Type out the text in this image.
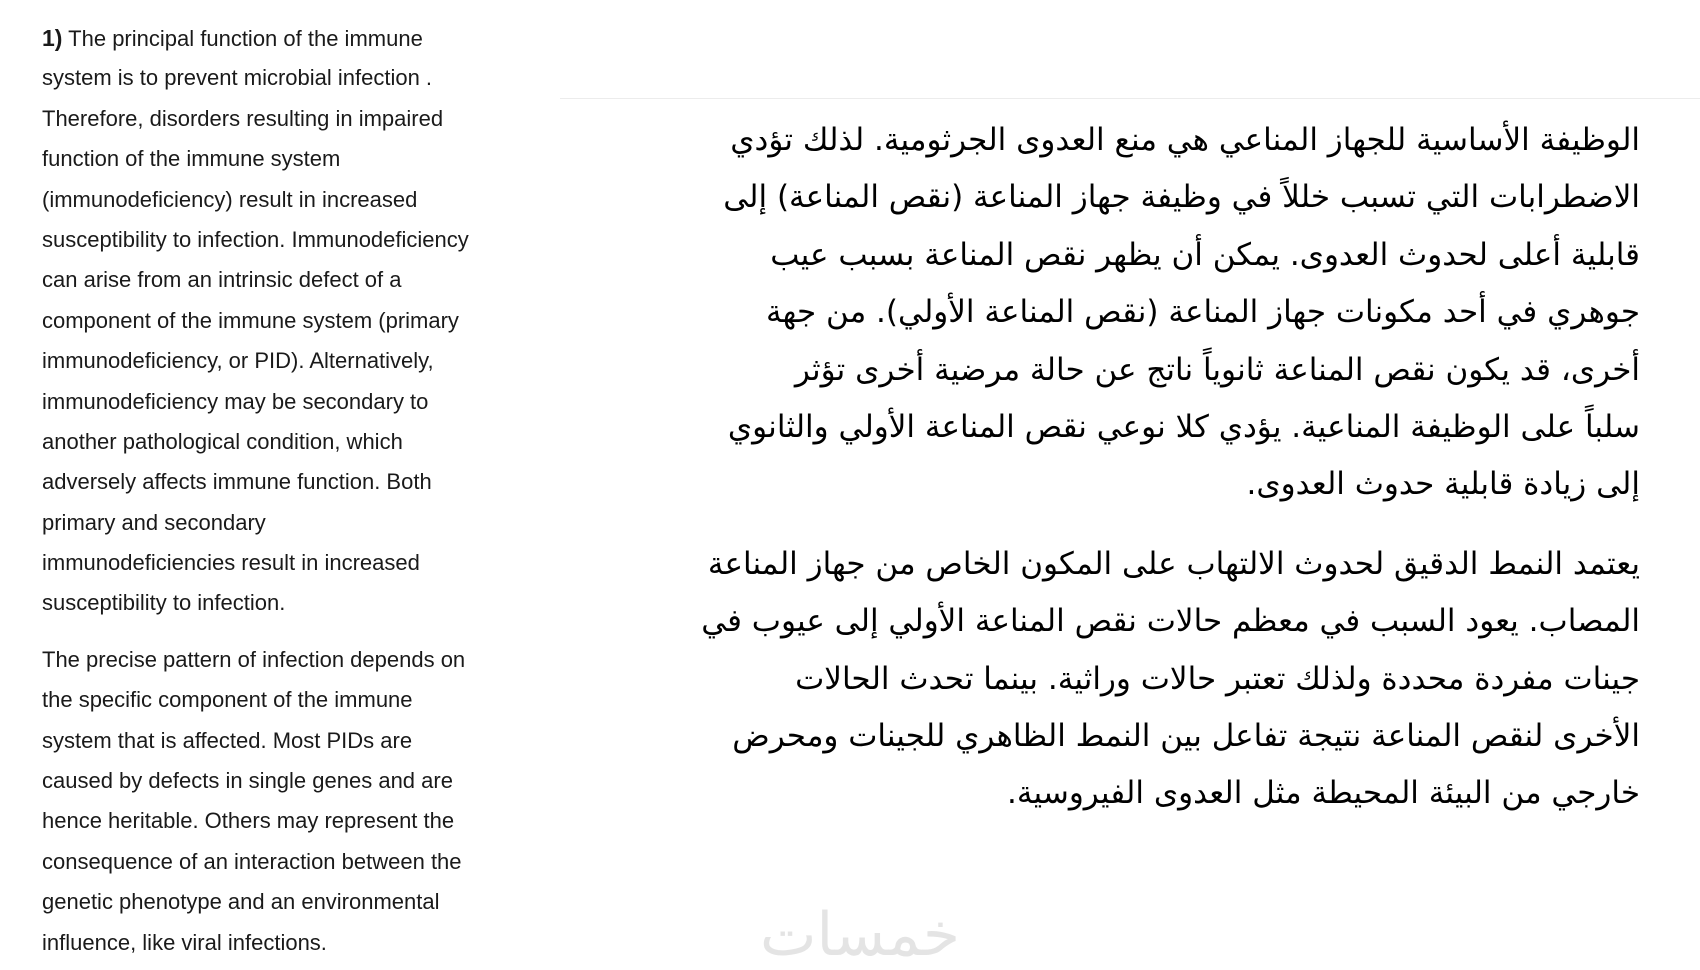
1) The principal function of the immune
system is to prevent microbial infection .
Therefore, disorders resulting in impaired
function of the immune system
(immunodeficiency) result in increased
susceptibility to infection. Immunodeficiency
can arise from an intrinsic defect of a
component of the immune system (primary
immunodeficiency, or PID). Alternatively,
immunodeficiency may be secondary to
another pathological condition, which
adversely affects immune function. Both
primary and secondary
immunodeficiencies result in increased
susceptibility to infection.
The precise pattern of infection depends on
the specific component of the immune
system that is affected. Most PIDs are
caused by defects in single genes and are
hence heritable. Others may represent the
consequence of an interaction between the
genetic phenotype and an environmental
influence, like viral infections.
الوظيفة الأساسية للجهاز المناعي هي منع العدوى الجرثومية. لذلك تؤدي
الاضطرابات التي تسبب خللاً في وظيفة جهاز المناعة (نقص المناعة) إلى
قابلية أعلى لحدوث العدوى. يمكن أن يظهر نقص المناعة بسبب عيب
جوهري في أحد مكونات جهاز المناعة (نقص المناعة الأولي). من جهة
أخرى، قد يكون نقص المناعة ثانوياً ناتج عن حالة مرضية أخرى تؤثر
سلباً على الوظيفة المناعية. يؤدي كلا نوعي نقص المناعة الأولي والثانوي
إلى زيادة قابلية حدوث العدوى.
يعتمد النمط الدقيق لحدوث الالتهاب على المكون الخاص من جهاز المناعة
المصاب. يعود السبب في معظم حالات نقص المناعة الأولي إلى عيوب في
جينات مفردة محددة ولذلك تعتبر حالات وراثية. بينما تحدث الحالات
الأخرى لنقص المناعة نتيجة تفاعل بين النمط الظاهري للجينات ومحرض
خارجي من البيئة المحيطة مثل العدوى الفيروسية.
خمسات
